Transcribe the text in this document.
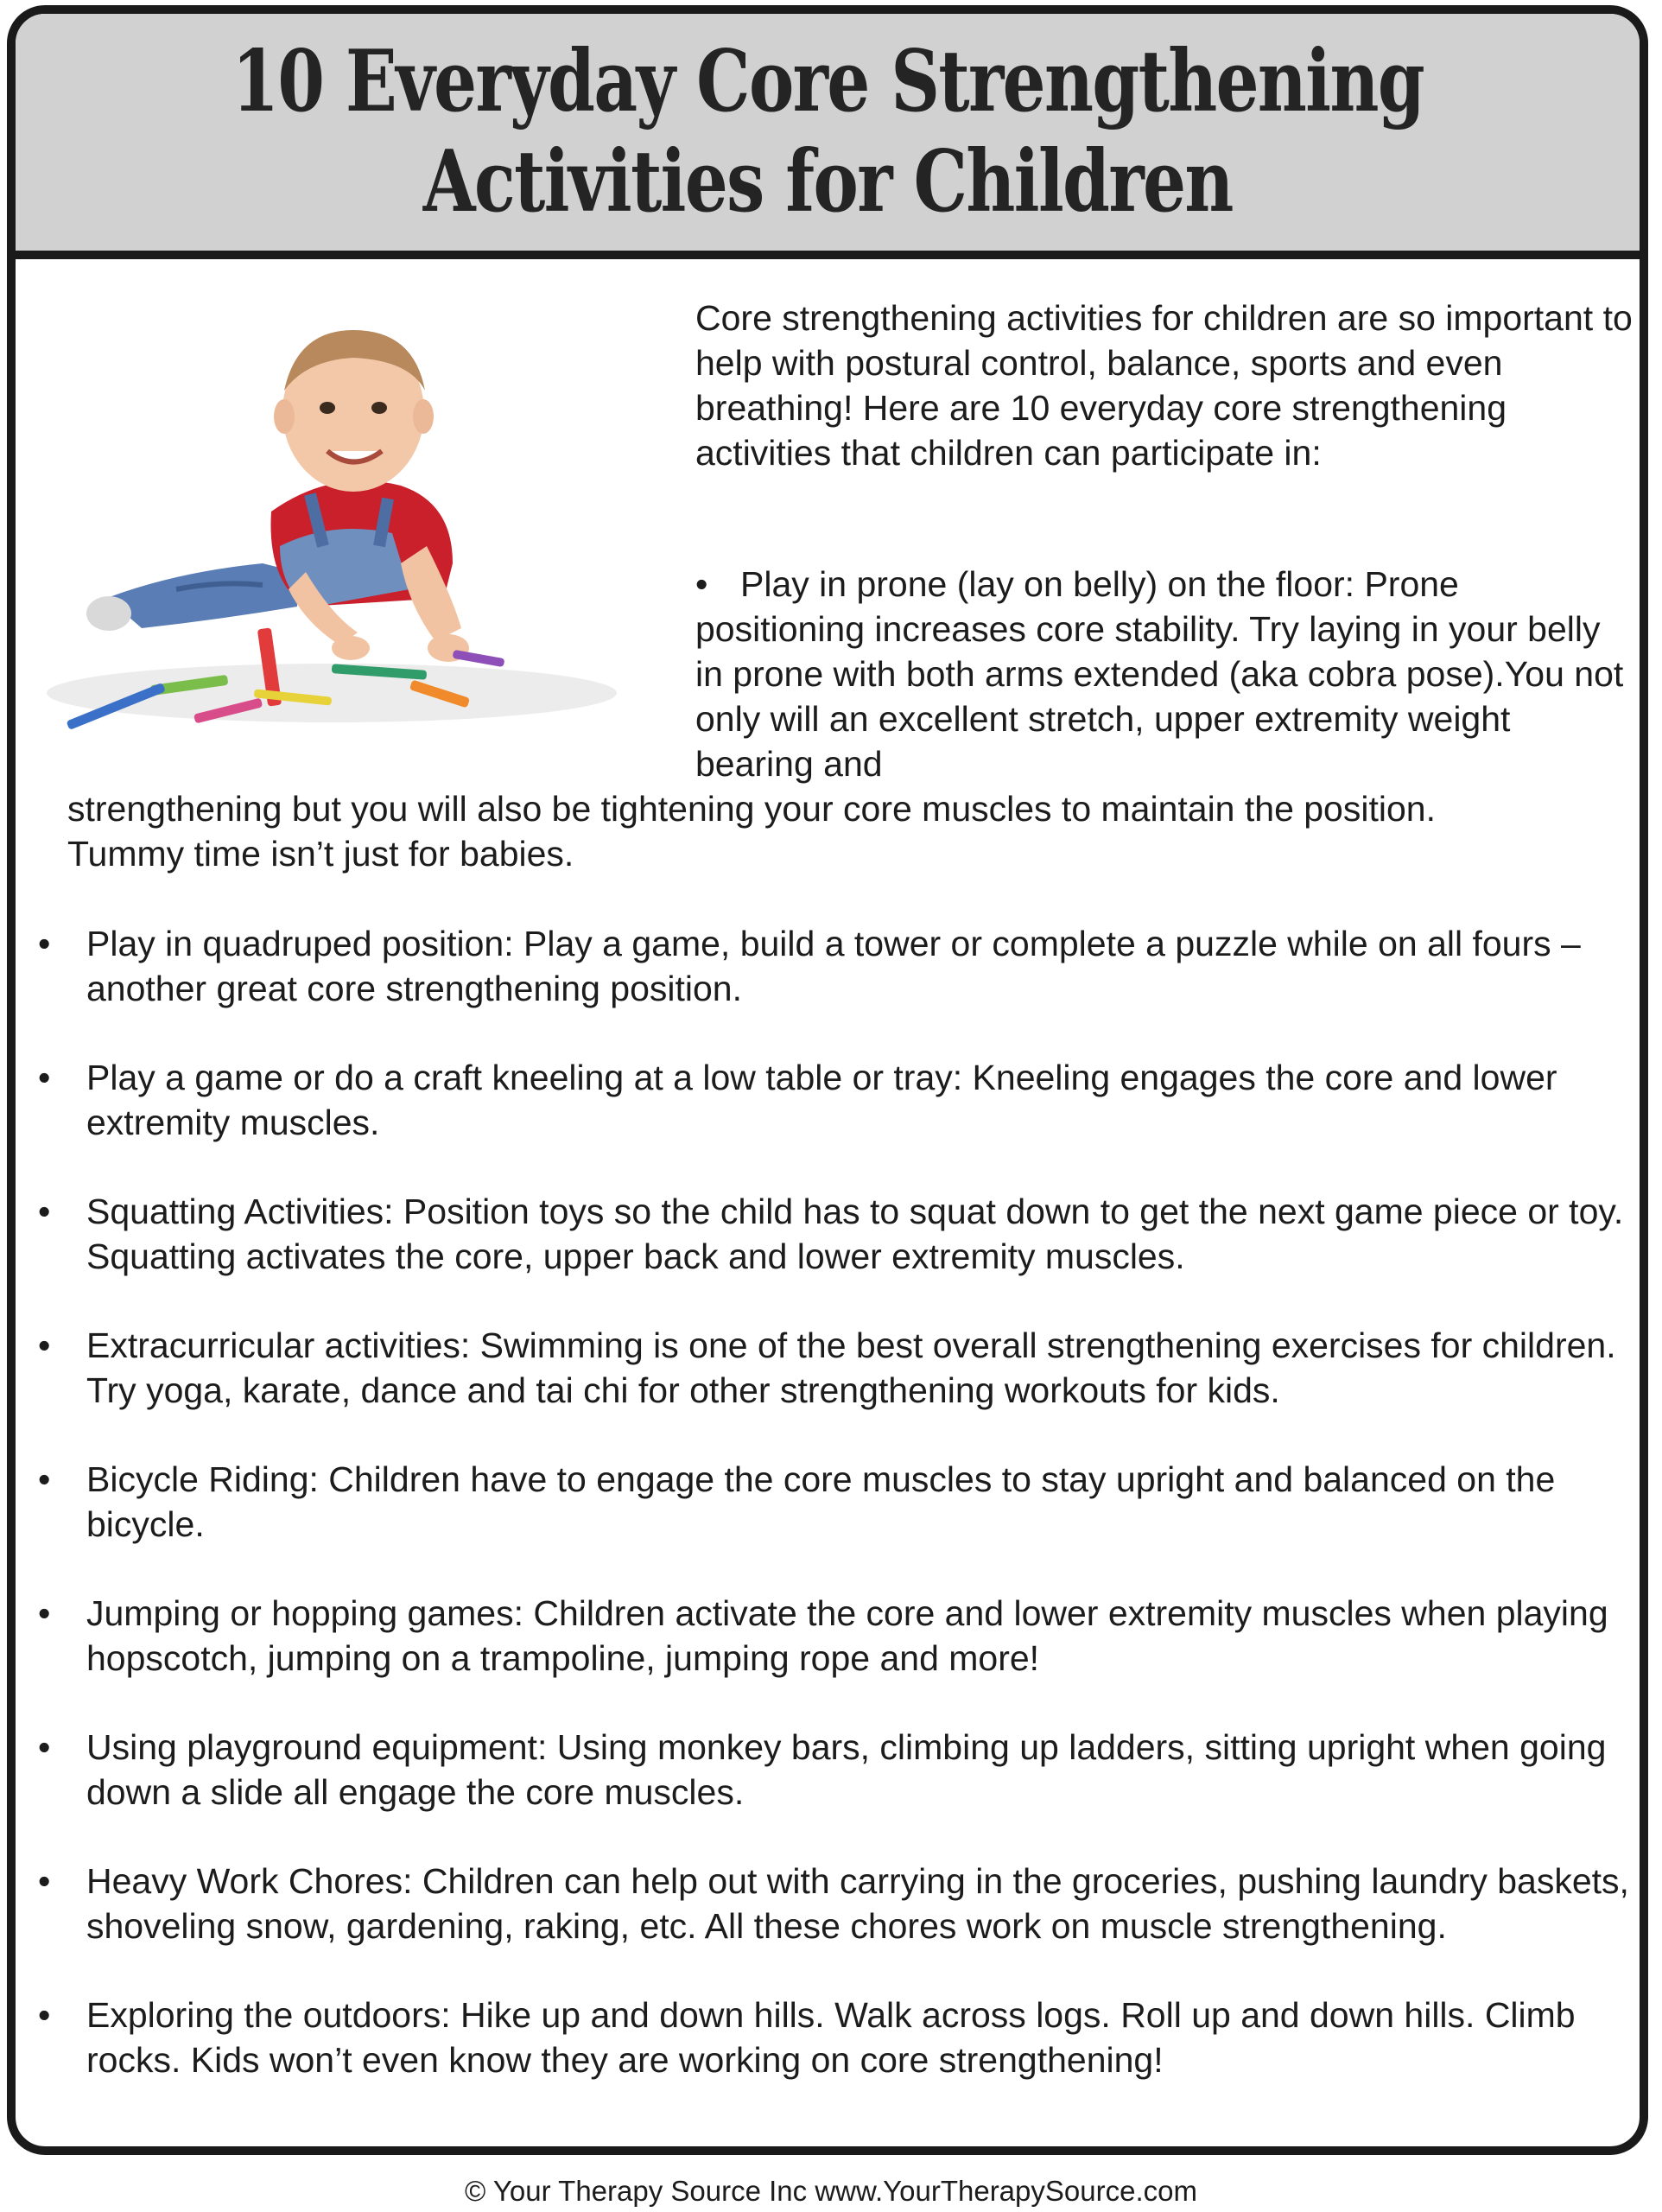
10 Everyday Core Strengthening
Activities for Children

Core strengthening activities for children are so important to help with postural control, balance, sports and even breathing! Here are 10 everyday core strengthening activities that children can participate in:

• Play in prone (lay on belly) on the floor: Prone positioning increases core stability. Try laying in your belly in prone with both arms extended (aka cobra pose).You not only will an excellent stretch, upper extremity weight bearing and

strengthening but you will also be tightening your core muscles to maintain the position.
Tummy time isn’t just for babies.

• Play in quadruped position: Play a game, build a tower or complete a puzzle while on all fours – another great core strengthening position.
• Play a game or do a craft kneeling at a low table or tray: Kneeling engages the core and lower extremity muscles.
• Squatting Activities: Position toys so the child has to squat down to get the next game piece or toy. Squatting activates the core, upper back and lower extremity muscles.
• Extracurricular activities: Swimming is one of the best overall strengthening exercises for children. Try yoga, karate, dance and tai chi for other strengthening workouts for kids.
• Bicycle Riding: Children have to engage the core muscles to stay upright and balanced on the bicycle.
• Jumping or hopping games: Children activate the core and lower extremity muscles when playing hopscotch, jumping on a trampoline, jumping rope and more!
• Using playground equipment: Using monkey bars, climbing up ladders, sitting upright when going down a slide all engage the core muscles.
• Heavy Work Chores: Children can help out with carrying in the groceries, pushing laundry baskets, shoveling snow, gardening, raking, etc. All these chores work on muscle strengthening.
• Exploring the outdoors: Hike up and down hills. Walk across logs. Roll up and down hills. Climb rocks. Kids won’t even know they are working on core strengthening!
© Your Therapy Source Inc www.YourTherapySource.com
